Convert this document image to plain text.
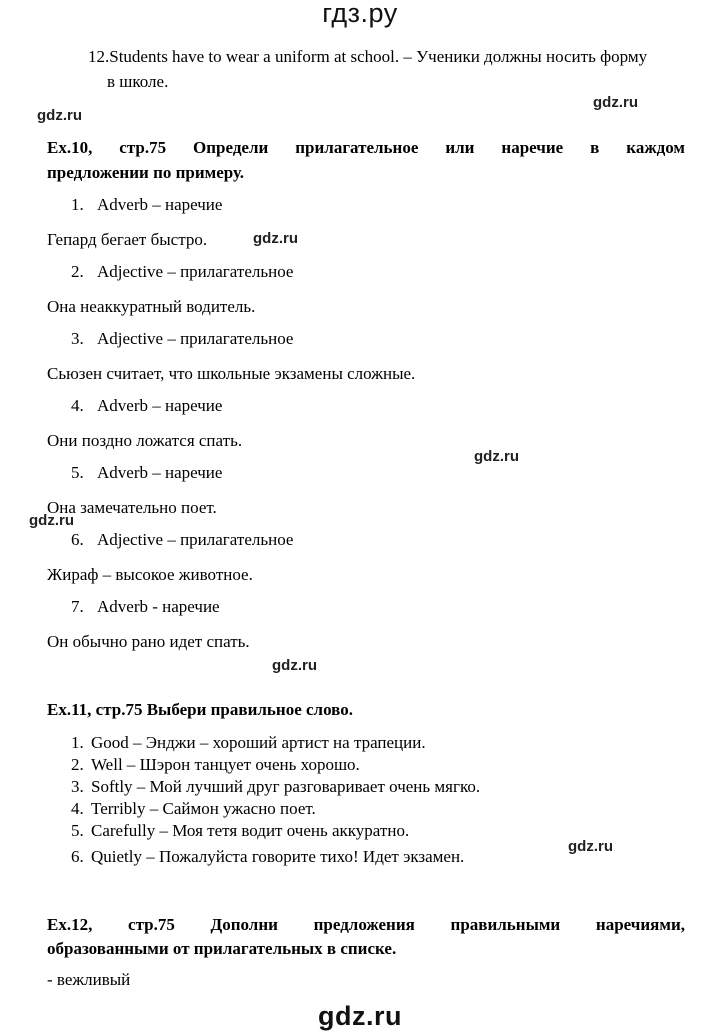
гдз.ру
12.Students have to wear a uniform at school. – Ученики должны носить форму
в школе.
gdz.ru
gdz.ru
Ex.10, стр.75 Определи прилагательное или наречие в каждом
предложении по примеру.
1. Adverb – наречие
Гепард бегает быстро.	gdz.ru
2. Adjective – прилагательное
Она неаккуратный водитель.
3. Adjective – прилагательное
Сьюзен считает, что школьные экзамены сложные.
4. Adverb – наречие
Они поздно ложатся спать.
gdz.ru
5. Adverb – наречие
Она замечательно поет.
gdz.ru
6. Adjective – прилагательное
Жираф – высокое животное.
7. Adverb - наречие
Он обычно рано идет спать.
gdz.ru
Ex.11, стр.75 Выбери правильное слово.
1. Good – Энджи – хороший артист на трапеции.
2. Well – Шэрон танцует очень хорошо.
3. Softly – Мой лучший друг разговаривает очень мягко.
4. Terribly – Саймон ужасно поет.
5. Carefully – Моя тетя водит очень аккуратно.
6. Quietly – Пожалуйста говорите тихо! Идет экзамен.
gdz.ru
Ex.12, стр.75 Дополни предложения правильными наречиями,
образованными от прилагательных в списке.
- вежливый
gdz.ru
